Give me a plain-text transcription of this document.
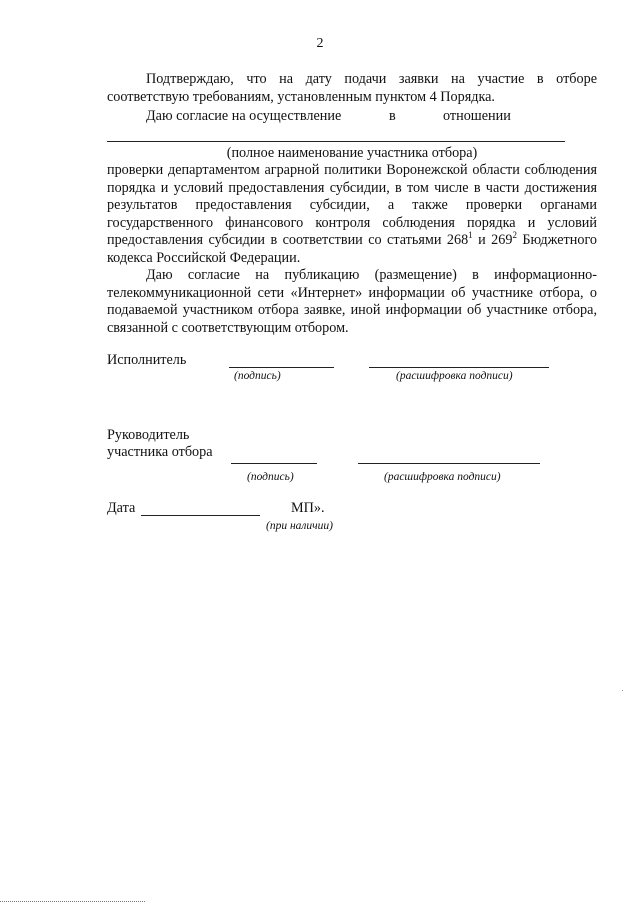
2
Подтверждаю, что на дату подачи заявки на участие в отборе соответствую требованиям, установленным пунктом 4 Порядка.
Даю согласие на осуществление	в	отношении
(полное наименование участника отбора)
проверки департаментом аграрной политики Воронежской области соблюдения порядка и условий предоставления субсидии, в том числе в части достижения результатов предоставления субсидии, а также проверки органами государственного финансового контроля соблюдения порядка и условий предоставления субсидии в соответствии со статьями $268^1$ и $269^2$ Бюджетного кодекса Российской Федерации.
Даю согласие на публикацию (размещение) в информационно-телекоммуникационной сети «Интернет» информации об участнике отбора, о подаваемой участником отбора заявке, иной информации об участнике отбора, связанной с соответствующим отбором.
Исполнитель
(подпись)	(расшифровка подписи)
Руководитель
участника отбора
(подпись)	(расшифровка подписи)
Дата	МП».
(при наличии)
